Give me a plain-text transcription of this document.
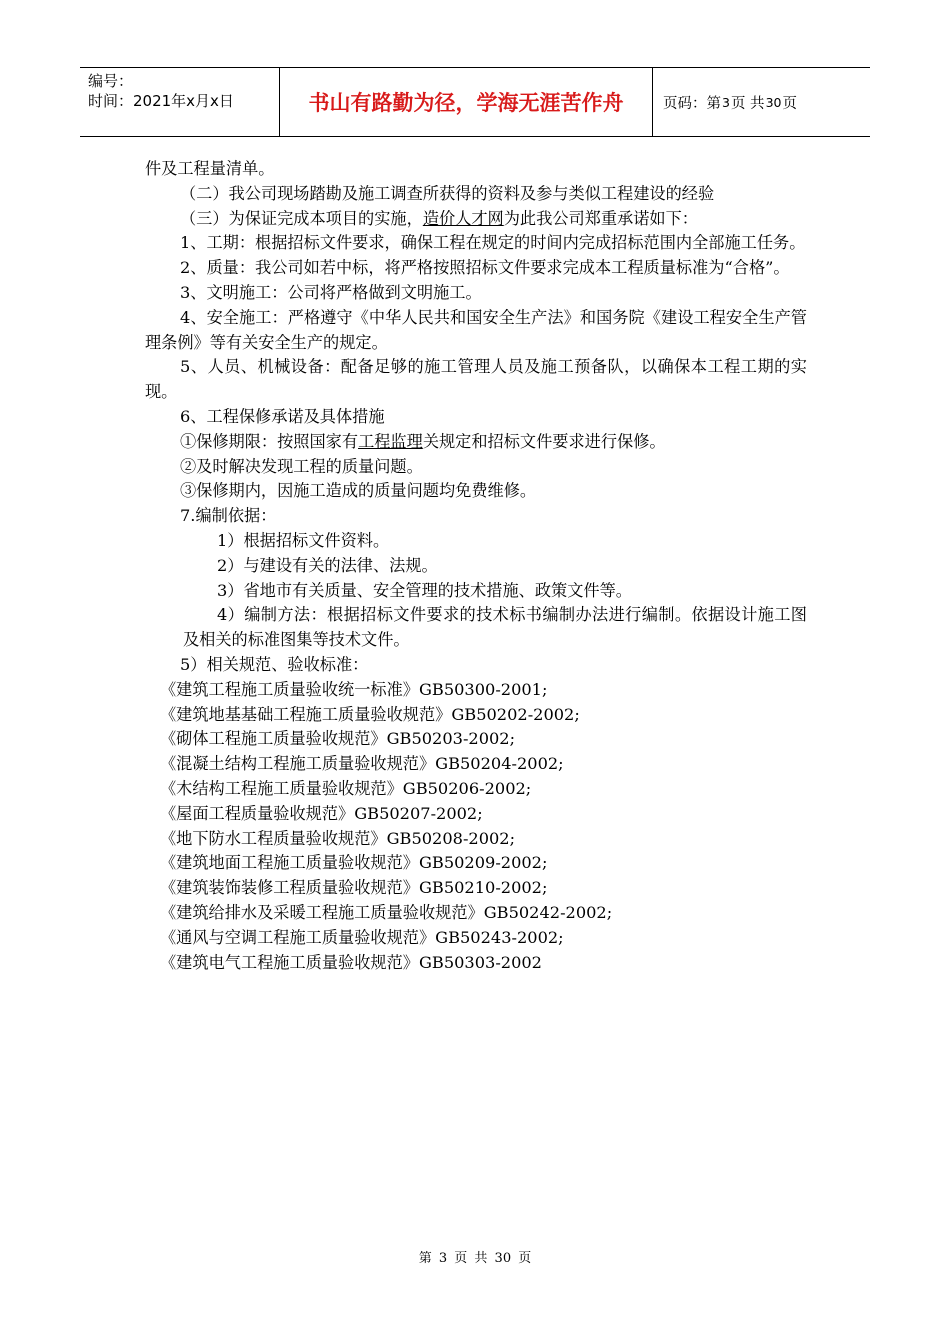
编号：
时间：2021年x月x日	书山有路勤为径，学海无涯苦作舟	页码：第 3 页 共 30 页

件及工程量清单。

（二）我公司现场踏勘及施工调查所获得的资料及参与类似工程建设的经验

（三）为保证完成本项目的实施，造价人才网为此我公司郑重承诺如下：

1、工期：根据招标文件要求，确保工程在规定的时间内完成招标范围内全部施工任务。

2、质量：我公司如若中标，将严格按照招标文件要求完成本工程质量标准为“合格”。

3、文明施工：公司将严格做到文明施工。

4、安全施工：严格遵守《中华人民共和国安全生产法》和国务院《建设工程安全生产管理条例》等有关安全生产的规定。

5、人员、机械设备：配备足够的施工管理人员及施工预备队，以确保本工程工期的实现。

6、工程保修承诺及具体措施

①保修期限：按照国家有工程监理关规定和招标文件要求进行保修。

②及时解决发现工程的质量问题。

③保修期内，因施工造成的质量问题均免费维修。

7.编制依据：

1）根据招标文件资料。

2）与建设有关的法律、法规。

3）省地市有关质量、安全管理的技术措施、政策文件等。

4）编制方法：根据招标文件要求的技术标书编制办法进行编制。依据设计施工图及相关的标准图集等技术文件。

5）相关规范、验收标准：

《建筑工程施工质量验收统一标准》GB50300-2001;

《建筑地基基础工程施工质量验收规范》GB50202-2002;

《砌体工程施工质量验收规范》GB50203-2002;

《混凝土结构工程施工质量验收规范》GB50204-2002;

《木结构工程施工质量验收规范》GB50206-2002;

《屋面工程质量验收规范》GB50207-2002;

《地下防水工程质量验收规范》GB50208-2002;

《建筑地面工程施工质量验收规范》GB50209-2002;

《建筑装饰装修工程质量验收规范》GB50210-2002;

《建筑给排水及采暖工程施工质量验收规范》GB50242-2002;

《通风与空调工程施工质量验收规范》GB50243-2002;

《建筑电气工程施工质量验收规范》GB50303-2002

第 3 页 共 30 页
